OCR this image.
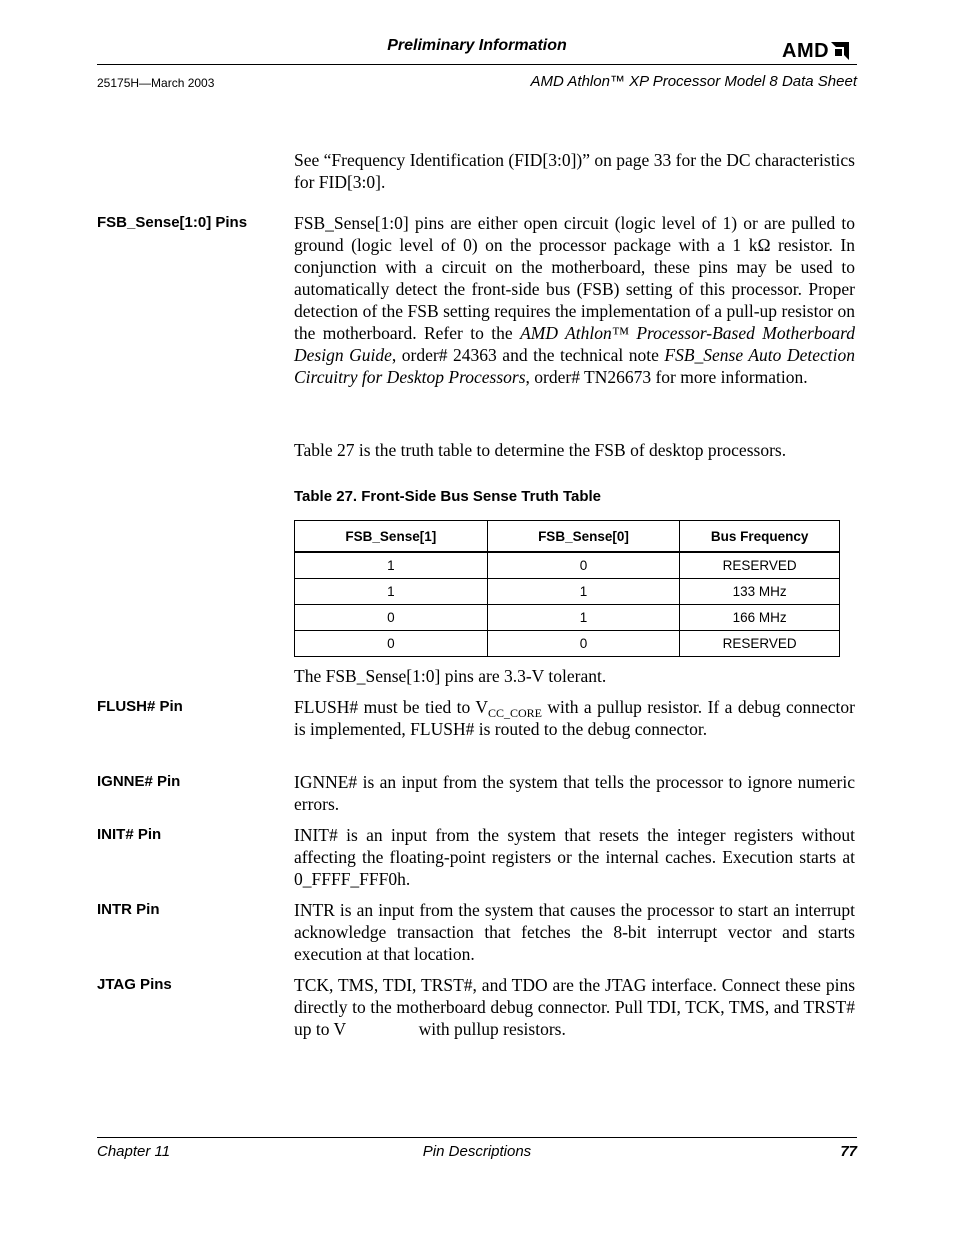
Preliminary Information	AMD
25175H—March 2003	AMD Athlon™ XP Processor Model 8 Data Sheet

See “Frequency Identification (FID[3:0])” on page 33 for the DC characteristics for FID[3:0].

FSB_Sense[1:0] Pins	FSB_Sense[1:0] pins are either open circuit (logic level of 1) or are pulled to ground (logic level of 0) on the processor package with a 1 kΩ resistor. In conjunction with a circuit on the motherboard, these pins may be used to automatically detect the front-side bus (FSB) setting of this processor. Proper detection of the FSB setting requires the implementation of a pull-up resistor on the motherboard. Refer to the AMD Athlon™ Processor-Based Motherboard Design Guide, order# 24363 and the technical note FSB_Sense Auto Detection Circuitry for Desktop Processors, order# TN26673 for more information.

Table 27 is the truth table to determine the FSB of desktop processors.

Table 27. Front-Side Bus Sense Truth Table
FSB_Sense[1]	FSB_Sense[0]	Bus Frequency
1	0	RESERVED
1	1	133 MHz
0	1	166 MHz
0	0	RESERVED

The FSB_Sense[1:0] pins are 3.3-V tolerant.

FLUSH# Pin	FLUSH# must be tied to $V_{CC\_CORE}$ with a pullup resistor. If a debug connector is implemented, FLUSH# is routed to the debug connector.

IGNNE# Pin	IGNNE# is an input from the system that tells the processor to ignore numeric errors.

INIT# Pin	INIT# is an input from the system that resets the integer registers without affecting the floating-point registers or the internal caches. Execution starts at 0_FFFF_FFF0h.

INTR Pin	INTR is an input from the system that causes the processor to start an interrupt acknowledge transaction that fetches the 8-bit interrupt vector and starts execution at that location.

JTAG Pins	TCK, TMS, TDI, TRST#, and TDO are the JTAG interface. Connect these pins directly to the motherboard debug connector. Pull TDI, TCK, TMS, and TRST# up to V	with pullup resistors.

Chapter 11	Pin Descriptions	77
